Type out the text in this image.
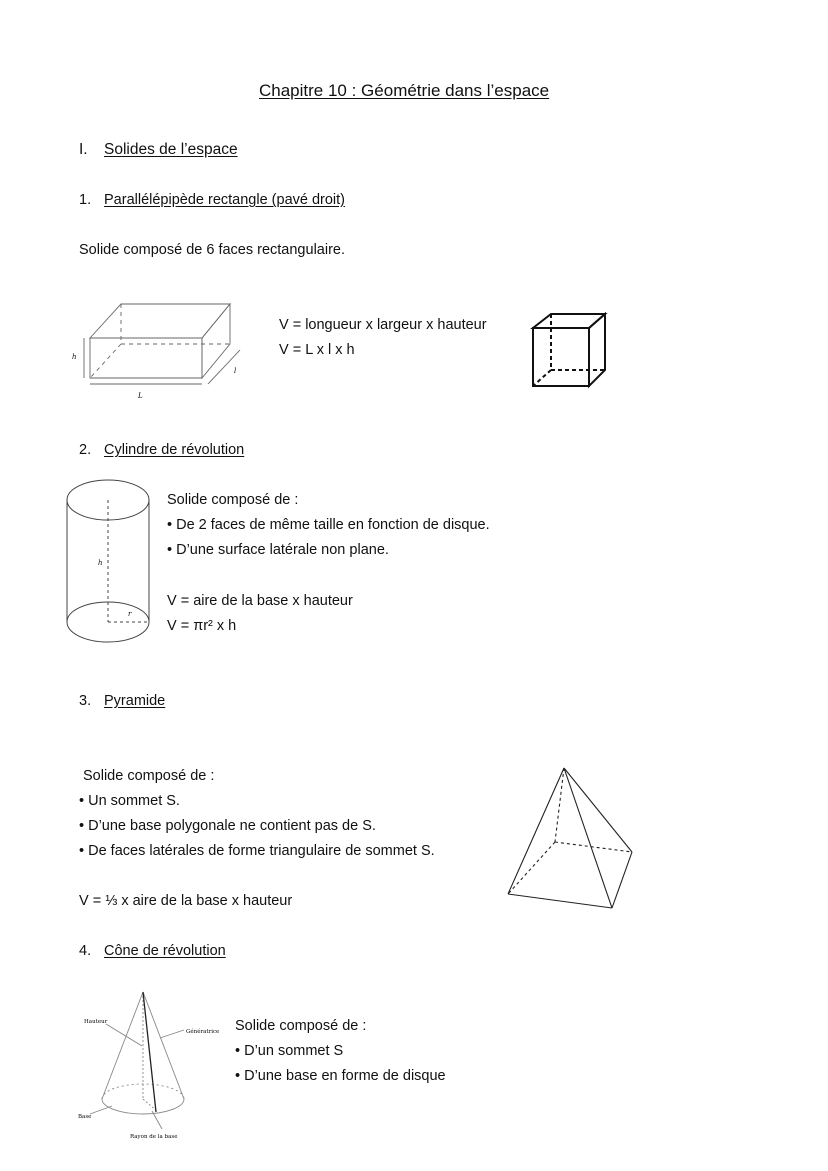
Chapitre 10 : Géométrie dans l’espace
I. Solides de l’espace
1. Parallélépipède rectangle (pavé droit)
Solide composé de 6 faces rectangulaire.
h
l
L
V = longueur x largeur x hauteur
V = L x l x h
2. Cylindre de révolution
h
r
Solide composé de :
• De 2 faces de même taille en fonction de disque.
• D’une surface latérale non plane.
V = aire de la base x hauteur
V = πr² x h
3. Pyramide
Solide composé de :
• Un sommet S.
• D’une base polygonale ne contient pas de S.
• De faces latérales de forme triangulaire de sommet S.
V = ⅓ x aire de la base x hauteur
4. Cône de révolution
Hauteur
Génératrice
Base
Rayon de la base
Solide composé de :
• D’un sommet S
• D’une base en forme de disque
